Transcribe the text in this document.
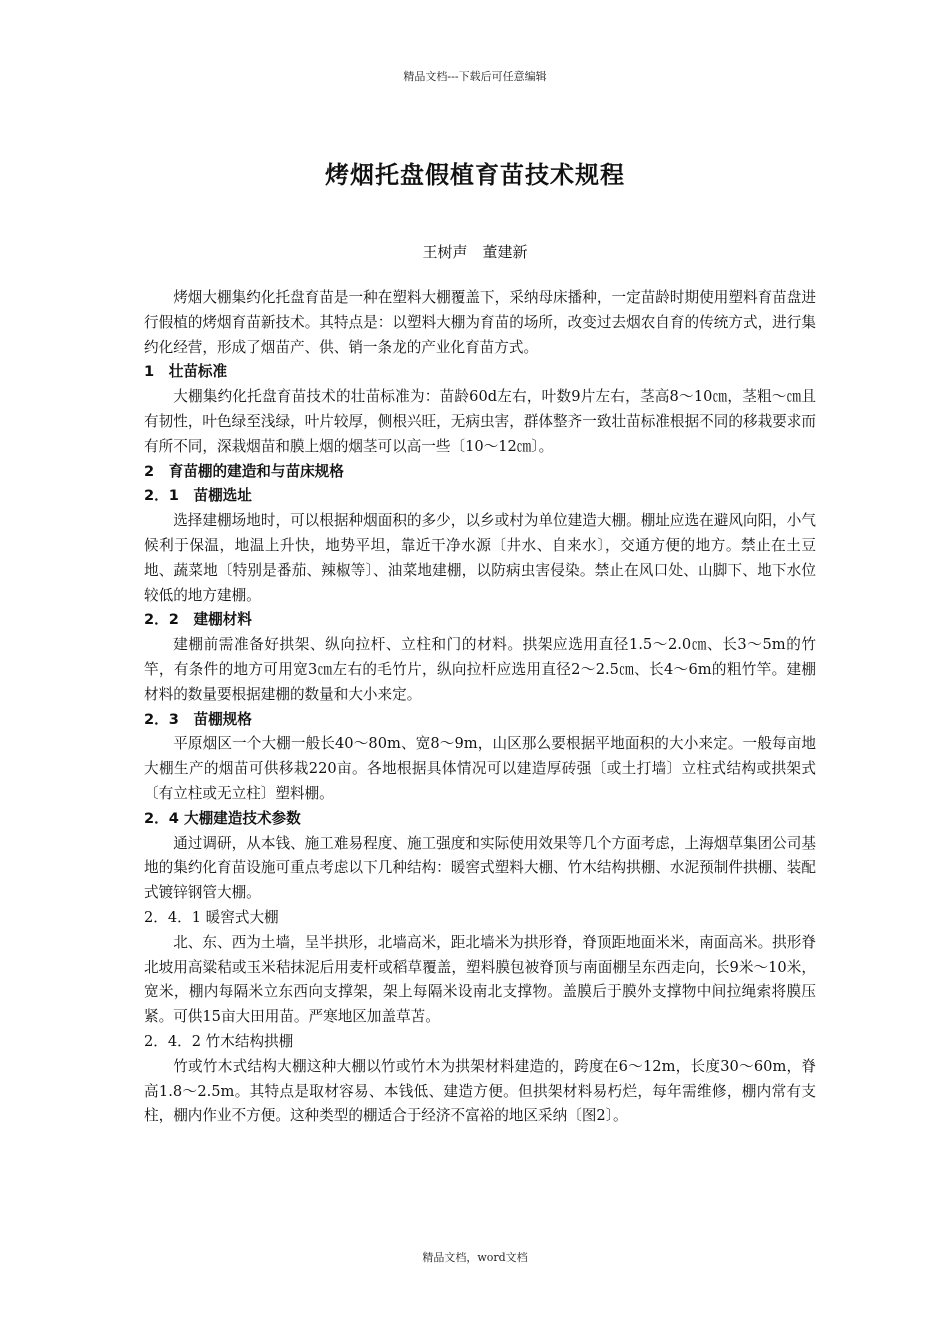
精品文档---下载后可任意编辑
烤烟托盘假植育苗技术规程
王树声　董建新

烤烟大棚集约化托盘育苗是一种在塑料大棚覆盖下，采纳母床播种，一定苗龄时期使用塑料育苗盘进行假植的烤烟育苗新技术。其特点是：以塑料大棚为育苗的场所，改变过去烟农自育的传统方式，进行集约化经营，形成了烟苗产、供、销一条龙的产业化育苗方式。

1　壮苗标准

大棚集约化托盘育苗技术的壮苗标准为：苗龄60d左右，叶数9片左右，茎高8～10㎝，茎粗～㎝且有韧性，叶色绿至浅绿，叶片较厚，侧根兴旺，无病虫害，群体整齐一致壮苗标准根据不同的移栽要求而有所不同，深栽烟苗和膜上烟的烟茎可以高一些〔10～12㎝〕。

2　育苗棚的建造和与苗床规格
2．1　苗棚选址

选择建棚场地时，可以根据种烟面积的多少，以乡或村为单位建造大棚。棚址应选在避风向阳，小气候利于保温，地温上升快，地势平坦，靠近干净水源〔井水、自来水〕，交通方便的地方。禁止在土豆地、蔬菜地〔特别是番茄、辣椒等〕、油菜地建棚，以防病虫害侵染。禁止在风口处、山脚下、地下水位较低的地方建棚。

2．2　建棚材料

建棚前需准备好拱架、纵向拉杆、立柱和门的材料。拱架应选用直径1.5～2.0㎝、长3～5m的竹竿，有条件的地方可用宽3㎝左右的毛竹片，纵向拉杆应选用直径2～2.5㎝、长4～6m的粗竹竿。建棚材料的数量要根据建棚的数量和大小来定。

2．3　苗棚规格

平原烟区一个大棚一般长40～80m、宽8～9m，山区那么要根据平地面积的大小来定。一般每亩地大棚生产的烟苗可供移栽220亩。各地根据具体情况可以建造厚砖强〔或土打墙〕立柱式结构或拱架式〔有立柱或无立柱〕塑料棚。

2．4 大棚建造技术参数

通过调研，从本钱、施工难易程度、施工强度和实际使用效果等几个方面考虑，上海烟草集团公司基地的集约化育苗设施可重点考虑以下几种结构：暖窖式塑料大棚、竹木结构拱棚、水泥预制件拱棚、装配式镀锌钢管大棚。

2．4．1 暖窖式大棚

北、东、西为土墙，呈半拱形，北墙高米，距北墙米为拱形脊，脊顶距地面米米，南面高米。拱形脊北坡用高粱秸或玉米秸抹泥后用麦杆或稻草覆盖，塑料膜包被脊顶与南面棚呈东西走向，长9米～10米，宽米，棚内每隔米立东西向支撑架，架上每隔米设南北支撑物。盖膜后于膜外支撑物中间拉绳索将膜压紧。可供15亩大田用苗。严寒地区加盖草苫。

2．4．2 竹木结构拱棚

竹或竹木式结构大棚这种大棚以竹或竹木为拱架材料建造的，跨度在6～12m，长度30～60m，脊高1.8～2.5m。其特点是取材容易、本钱低、建造方便。但拱架材料易朽烂，每年需维修，棚内常有支柱，棚内作业不方便。这种类型的棚适合于经济不富裕的地区采纳〔图2〕。

精品文档，word文档
